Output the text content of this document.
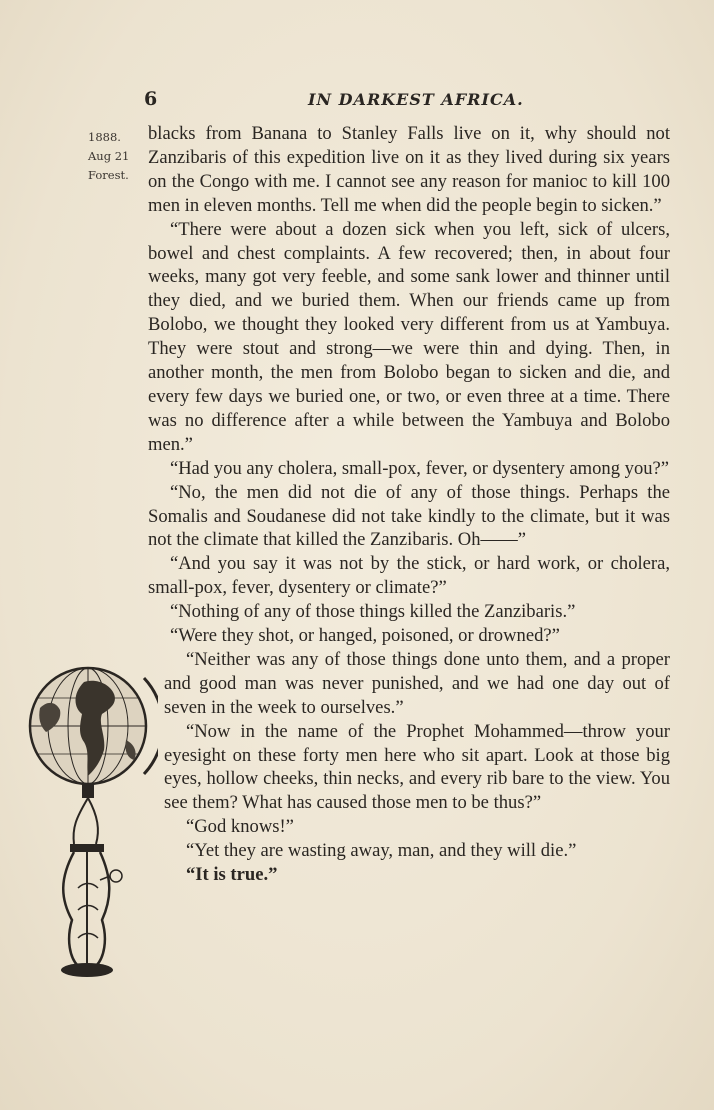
6	IN DARKEST AFRICA.
1888.
Aug 21
Forest.

blacks from Banana to Stanley Falls live on it, why should not Zanzibaris of this expedition live on it as they lived during six years on the Congo with me. I cannot see any reason for manioc to kill 100 men in eleven months. Tell me when did the people begin to sicken.”

“There were about a dozen sick when you left, sick of ulcers, bowel and chest complaints. A few recovered; then, in about four weeks, many got very feeble, and some sank lower and thinner until they died, and we buried them. When our friends came up from Bolobo, we thought they looked very different from us at Yambuya. They were stout and strong—we were thin and dying. Then, in another month, the men from Bolobo began to sicken and die, and every few days we buried one, or two, or even three at a time. There was no difference after a while between the Yambuya and Bolobo men.”

“Had you any cholera, small-pox, fever, or dysentery among you?”

“No, the men did not die of any of those things. Perhaps the Somalis and Soudanese did not take kindly to the climate, but it was not the climate that killed the Zanzibaris. Oh——”

“And you say it was not by the stick, or hard work, or cholera, small-pox, fever, dysentery or climate?”

“Nothing of any of those things killed the Zanzibaris.”

“Were they shot, or hanged, poisoned, or drowned?”

“Neither was any of those things done unto them, and a proper and good man was never punished, and we had one day out of seven in the week to ourselves.”

“Now in the name of the Prophet Mohammed—throw your eyesight on these forty men here who sit apart. Look at those big eyes, hollow cheeks, thin necks, and every rib bare to the view. You see them? What has caused those men to be thus?”

“God knows!”

“Yet they are wasting away, man, and they will die.”

“It is true.”
